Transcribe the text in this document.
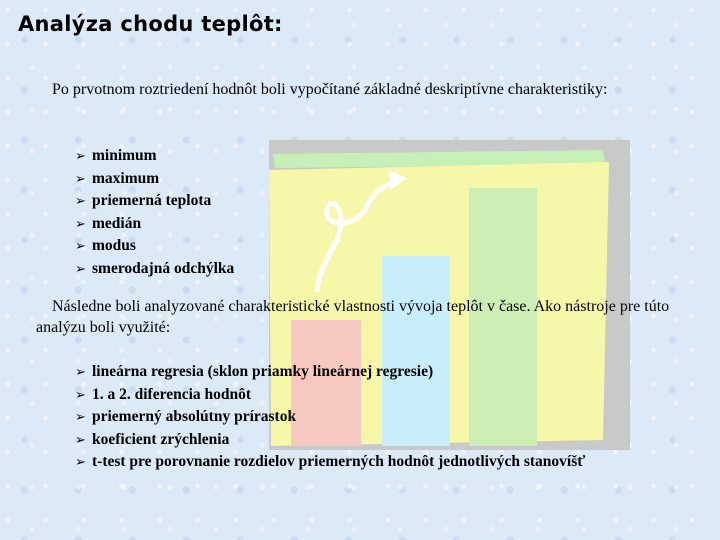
Analýza chodu teplôt:

Po prvotnom roztriedení hodnôt boli vypočítané základné deskriptívne charakteristiky:

➢ minimum
➢ maximum
➢ priemerná teplota
➢ medián
➢ modus
➢ smerodajná odchýlka

Následne boli analyzované charakteristické vlastnosti vývoja teplôt v čase. Ako nástroje pre túto analýzu boli využité:

➢ lineárna regresia (sklon priamky lineárnej regresie)
➢ 1. a 2. diferencia hodnôt
➢ priemerný absolútny prírastok
➢ koeficient zrýchlenia
➢ t-test pre porovnanie rozdielov priemerných hodnôt jednotlivých stanovíšť
